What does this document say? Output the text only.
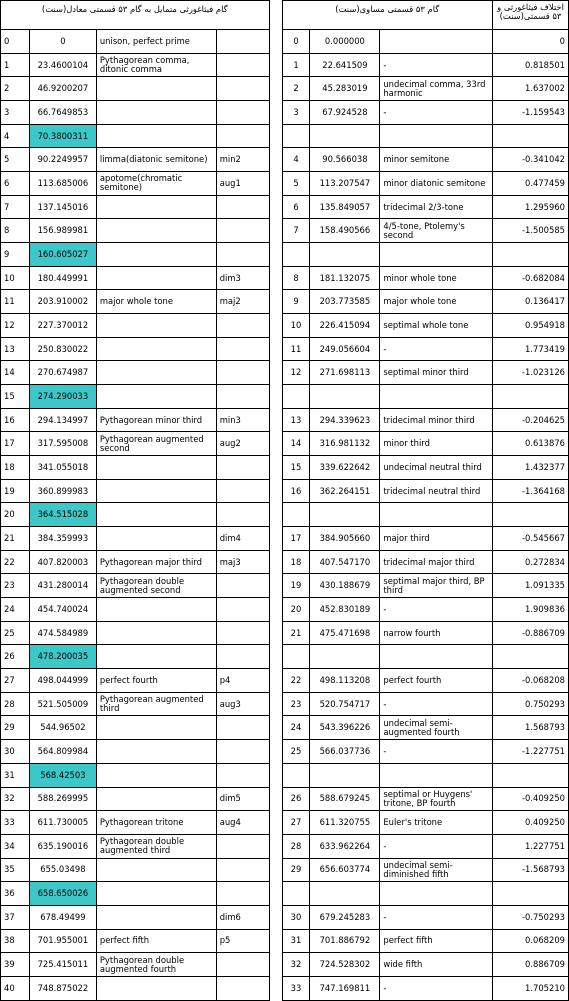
گام فیثاغورثی متمایل به گام ۵۳ قسمتی معادل(سنت)					گام ۵۳ قسمتی مساوی(سنت)			اختلاف فیثاغورثی و ۵۳ قسمتی(سنت)
0	0	unison, perfect prime			0	0.000000		0
1	23.4600104	Pythagorean comma, ditonic comma			1	22.641509	-	0.818501
2	46.9200207				2	45.283019	undecimal comma, 33rd harmonic	1.637002
3	66.7649853				3	67.924528	-	-1.159543
4	70.3800311							
5	90.2249957	limma(diatonic semitone)	min2		4	90.566038	minor semitone	-0.341042
6	113.685006	apotome(chromatic semitone)	aug1		5	113.207547	minor diatonic semitone	0.477459
7	137.145016				6	135.849057	tridecimal 2/3-tone	1.295960
8	156.989981				7	158.490566	4/5-tone, Ptolemy's second	-1.500585
9	160.605027							
10	180.449991		dim3		8	181.132075	minor whole tone	-0.682084
11	203.910002	major whole tone	maj2		9	203.773585	major whole tone	0.136417
12	227.370012				10	226.415094	septimal whole tone	0.954918
13	250.830022				11	249.056604	-	1.773419
14	270.674987				12	271.698113	septimal minor third	-1.023126
15	274.290033							
16	294.134997	Pythagorean minor third	min3		13	294.339623	tridecimal minor third	-0.204625
17	317.595008	Pythagorean augmented second	aug2		14	316.981132	minor third	0.613876
18	341.055018				15	339.622642	undecimal neutral third	1.432377
19	360.899983				16	362.264151	tridecimal neutral third	-1.364168
20	364.515028							
21	384.359993		dim4		17	384.905660	major third	-0.545667
22	407.820003	Pythagorean major third	maj3		18	407.547170	tridecimal major third	0.272834
23	431.280014	Pythagorean double augmented second			19	430.188679	septimal major third, BP third	1.091335
24	454.740024				20	452.830189	-	1.909836
25	474.584989				21	475.471698	narrow fourth	-0.886709
26	478.200035							
27	498.044999	perfect fourth	p4		22	498.113208	perfect fourth	-0.068208
28	521.505009	Pythagorean augmented third	aug3		23	520.754717	-	0.750293
29	544.96502				24	543.396226	undecimal semi-augmented fourth	1.568793
30	564.809984				25	566.037736	-	-1.227751
31	568.42503							
32	588.269995		dim5		26	588.679245	septimal or Huygens' tritone, BP fourth	-0.409250
33	611.730005	Pythagorean tritone	aug4		27	611.320755	Euler's tritone	0.409250
34	635.190016	Pythagorean double augmented third			28	633.962264	-	1.227751
35	655.03498				29	656.603774	undecimal semi-diminished fifth	-1.568793
36	658.650026							
37	678.49499		dim6		30	679.245283	-	-0.750293
38	701.955001	perfect fifth	p5		31	701.886792	perfect fifth	0.068209
39	725.415011	Pythagorean double augmented fourth			32	724.528302	wide fifth	0.886709
40	748.875022				33	747.169811	-	1.705210
